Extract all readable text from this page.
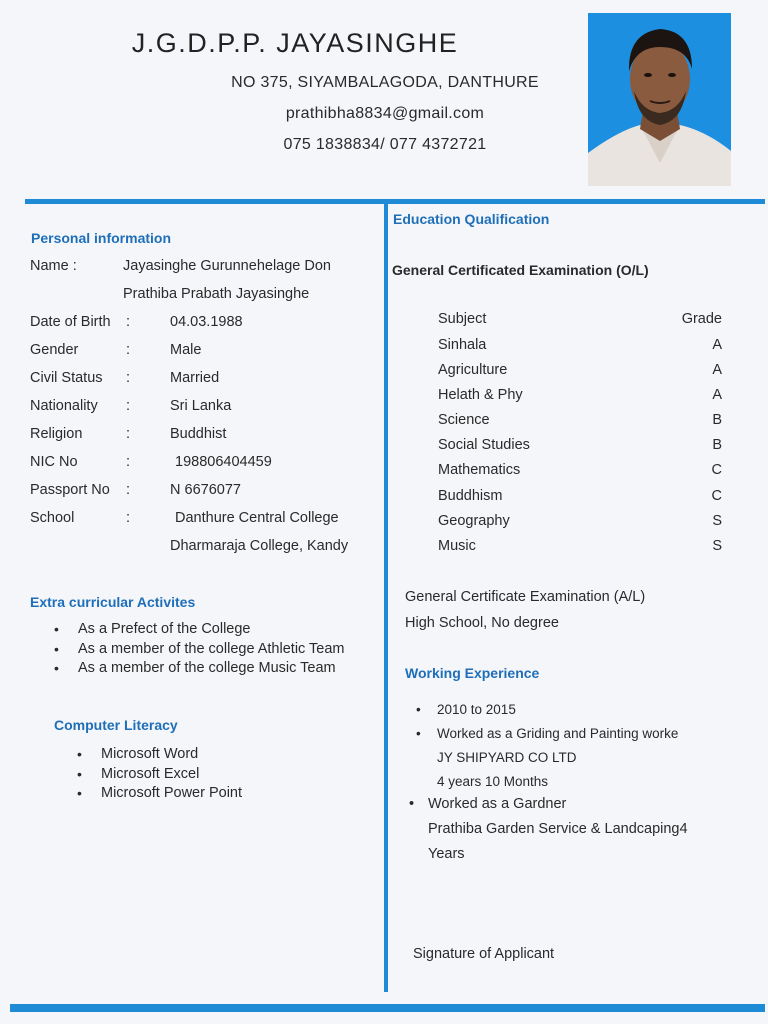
J.G.D.P.P. JAYASINGHE
NO 375, SIYAMBALAGODA, DANTHURE
prathibha8834@gmail.com
075 1838834/ 077 4372721
Personal information
Name :	Jayasinghe Gurunnehelage Don
Prathiba Prabath Jayasinghe
Date of Birth :	04.03.1988
Gender	:	Male
Civil Status :	Married
Nationality :	Sri Lanka
Religion	:	Buddhist
NIC No	:	198806404459
Passport No :	N 6676077
School	:	Danthure Central College
Dharmaraja College, Kandy
Extra curricular Activites
• As a Prefect of the College
• As a member of the college Athletic Team
• As a member of the college Music Team
Computer Literacy
• Microsoft Word
• Microsoft Excel
• Microsoft Power Point
Education Qualification
General Certificated Examination (O/L)
Subject	Grade
Sinhala	A
Agriculture	A
Helath & Phy	A
Science	B
Social Studies	B
Mathematics	C
Buddhism	C
Geography	S
Music	S
General Certificate Examination (A/L)
High School, No degree
Working Experience
• 2010 to 2015
• Worked as a Griding and Painting worke
JY SHIPYARD CO LTD
4 years 10 Months
• Worked as a Gardner
Prathiba Garden Service & Landcaping4
Years
Signature of Applicant
